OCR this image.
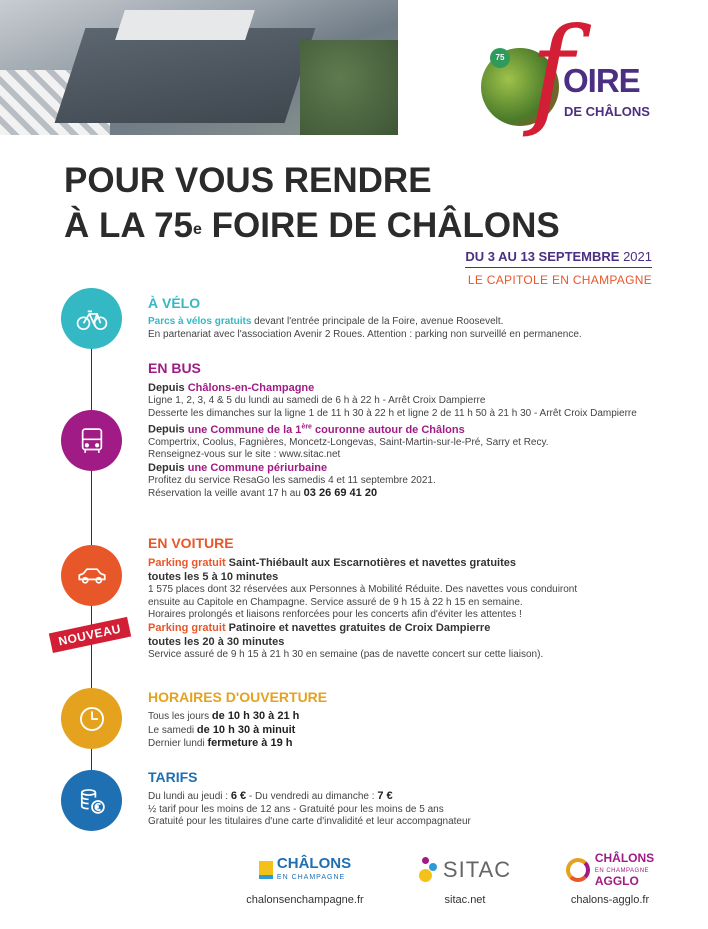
75 f
OIRE
DE CHÂLONS
POUR VOUS RENDRE
À LA 75e FOIRE DE CHÂLONS
DU 3 AU 13 SEPTEMBRE 2021
LE CAPITOLE EN CHAMPAGNE
NOUVEAU
À VÉLO
Parcs à vélos gratuits devant l'entrée principale de la Foire, avenue Roosevelt.
En partenariat avec l'association Avenir 2 Roues. Attention : parking non surveillé en permanence.
EN BUS
Depuis Châlons-en-Champagne
Ligne 1, 2, 3, 4 & 5 du lundi au samedi de 6 h à 22 h - Arrêt Croix Dampierre
Desserte les dimanches sur la ligne 1 de 11 h 30 à 22 h et ligne 2 de 11 h 50 à 21 h 30 - Arrêt Croix Dampierre
Depuis une Commune de la 1ère couronne autour de Châlons
Compertrix, Coolus, Fagnières, Moncetz-Longevas, Saint-Martin-sur-le-Pré, Sarry et Recy.
Renseignez-vous sur le site : www.sitac.net
Depuis une Commune périurbaine
Profitez du service ResaGo les samedis 4 et 11 septembre 2021.
Réservation la veille avant 17 h au 03 26 69 41 20
EN VOITURE
Parking gratuit Saint-Thiébault aux Escarnotières et navettes gratuites
toutes les 5 à 10 minutes
1 575 places dont 32 réservées aux Personnes à Mobilité Réduite. Des navettes vous conduiront
ensuite au Capitole en Champagne. Service assuré de 9 h 15 à 22 h 15 en semaine.
Horaires prolongés et liaisons renforcées pour les concerts afin d'éviter les attentes !
Parking gratuit Patinoire et navettes gratuites de Croix Dampierre
toutes les 20 à 30 minutes
Service assuré de 9 h 15 à 21 h 30 en semaine (pas de navette concert sur cette liaison).
HORAIRES D'OUVERTURE
Tous les jours de 10 h 30 à 21 h
Le samedi de 10 h 30 à minuit
Dernier lundi fermeture à 19 h
TARIFS
Du lundi au jeudi : 6 € - Du vendredi au dimanche : 7 €
½ tarif pour les moins de 12 ans - Gratuité pour les moins de 5 ans
Gratuité pour les titulaires d'une carte d'invalidité et leur accompagnateur
CHÂLONS
EN CHAMPAGNE
chalonsenchampagne.fr
SITAC
sitac.net
CHÂLONS
EN CHAMPAGNE
AGGLO
chalons-agglo.fr
